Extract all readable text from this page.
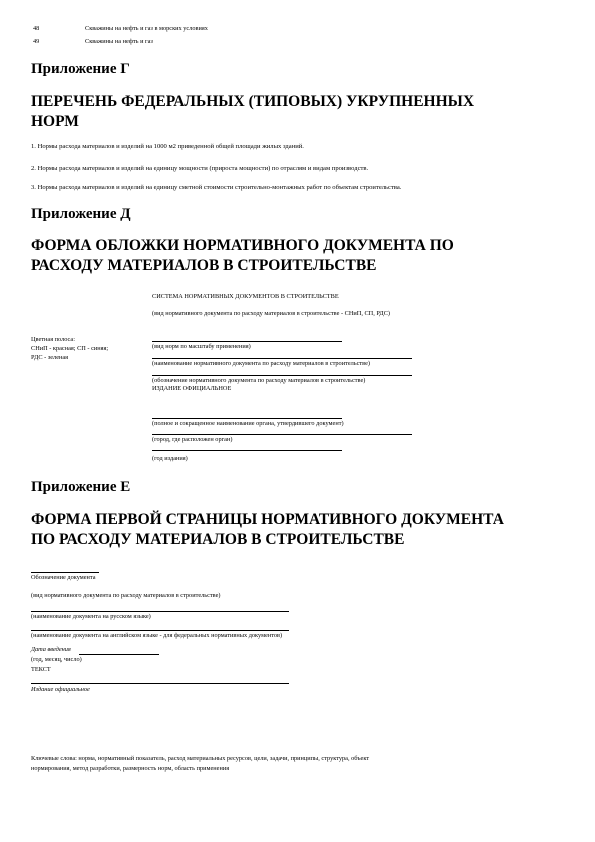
48	Скважины на нефть и газ в морских условиях
49	Скважины на нефть и газ
Приложение Г
ПЕРЕЧЕНЬ ФЕДЕРАЛЬНЫХ (ТИПОВЫХ) УКРУПНЕННЫХ
НОРМ
1. Нормы расхода материалов и изделий на 1000 м2 приведенной общей площади жилых зданий.
2. Нормы расхода материалов и изделий на единицу мощности (прироста мощности) по отраслям и видам производств.
3. Нормы расхода материалов и изделий на единицу сметной стоимости строительно-монтажных работ по объектам строительства.
Приложение Д
ФОРМА ОБЛОЖКИ НОРМАТИВНОГО ДОКУМЕНТА ПО
РАСХОДУ МАТЕРИАЛОВ В СТРОИТЕЛЬСТВЕ
СИСТЕМА НОРМАТИВНЫХ ДОКУМЕНТОВ В СТРОИТЕЛЬСТВЕ
(вид нормативного документа по расходу материалов в строительстве - СНиП, СП, РДС)
Цветная полоса:
СНиП - красная; СП - синяя;
РДС - зеленая
(вид норм по масштабу применения)
(наименование нормативного документа по расходу материалов в строительстве)
(обозначение нормативного документа по расходу материалов в строительстве)
ИЗДАНИЕ ОФИЦИАЛЬНОЕ
(полное и сокращенное наименование органа, утвердившего документ)
(город, где расположен орган)
(год издания)
Приложение Е
ФОРМА ПЕРВОЙ СТРАНИЦЫ НОРМАТИВНОГО ДОКУМЕНТА
ПО РАСХОДУ МАТЕРИАЛОВ В СТРОИТЕЛЬСТВЕ
Обозначение документа
(вид нормативного документа по расходу материалов в строительстве)
(наименование документа на русском языке)
(наименование документа на английском языке - для федеральных нормативных документов)
Дата введения
(год, месяц, число)
ТЕКСТ
Издание официальное
Ключевые слова: норма, нормативный показатель, расход материальных ресурсов, цели, задачи, принципы, структура, объект
нормирования, метод разработки, размерность норм, область применения
